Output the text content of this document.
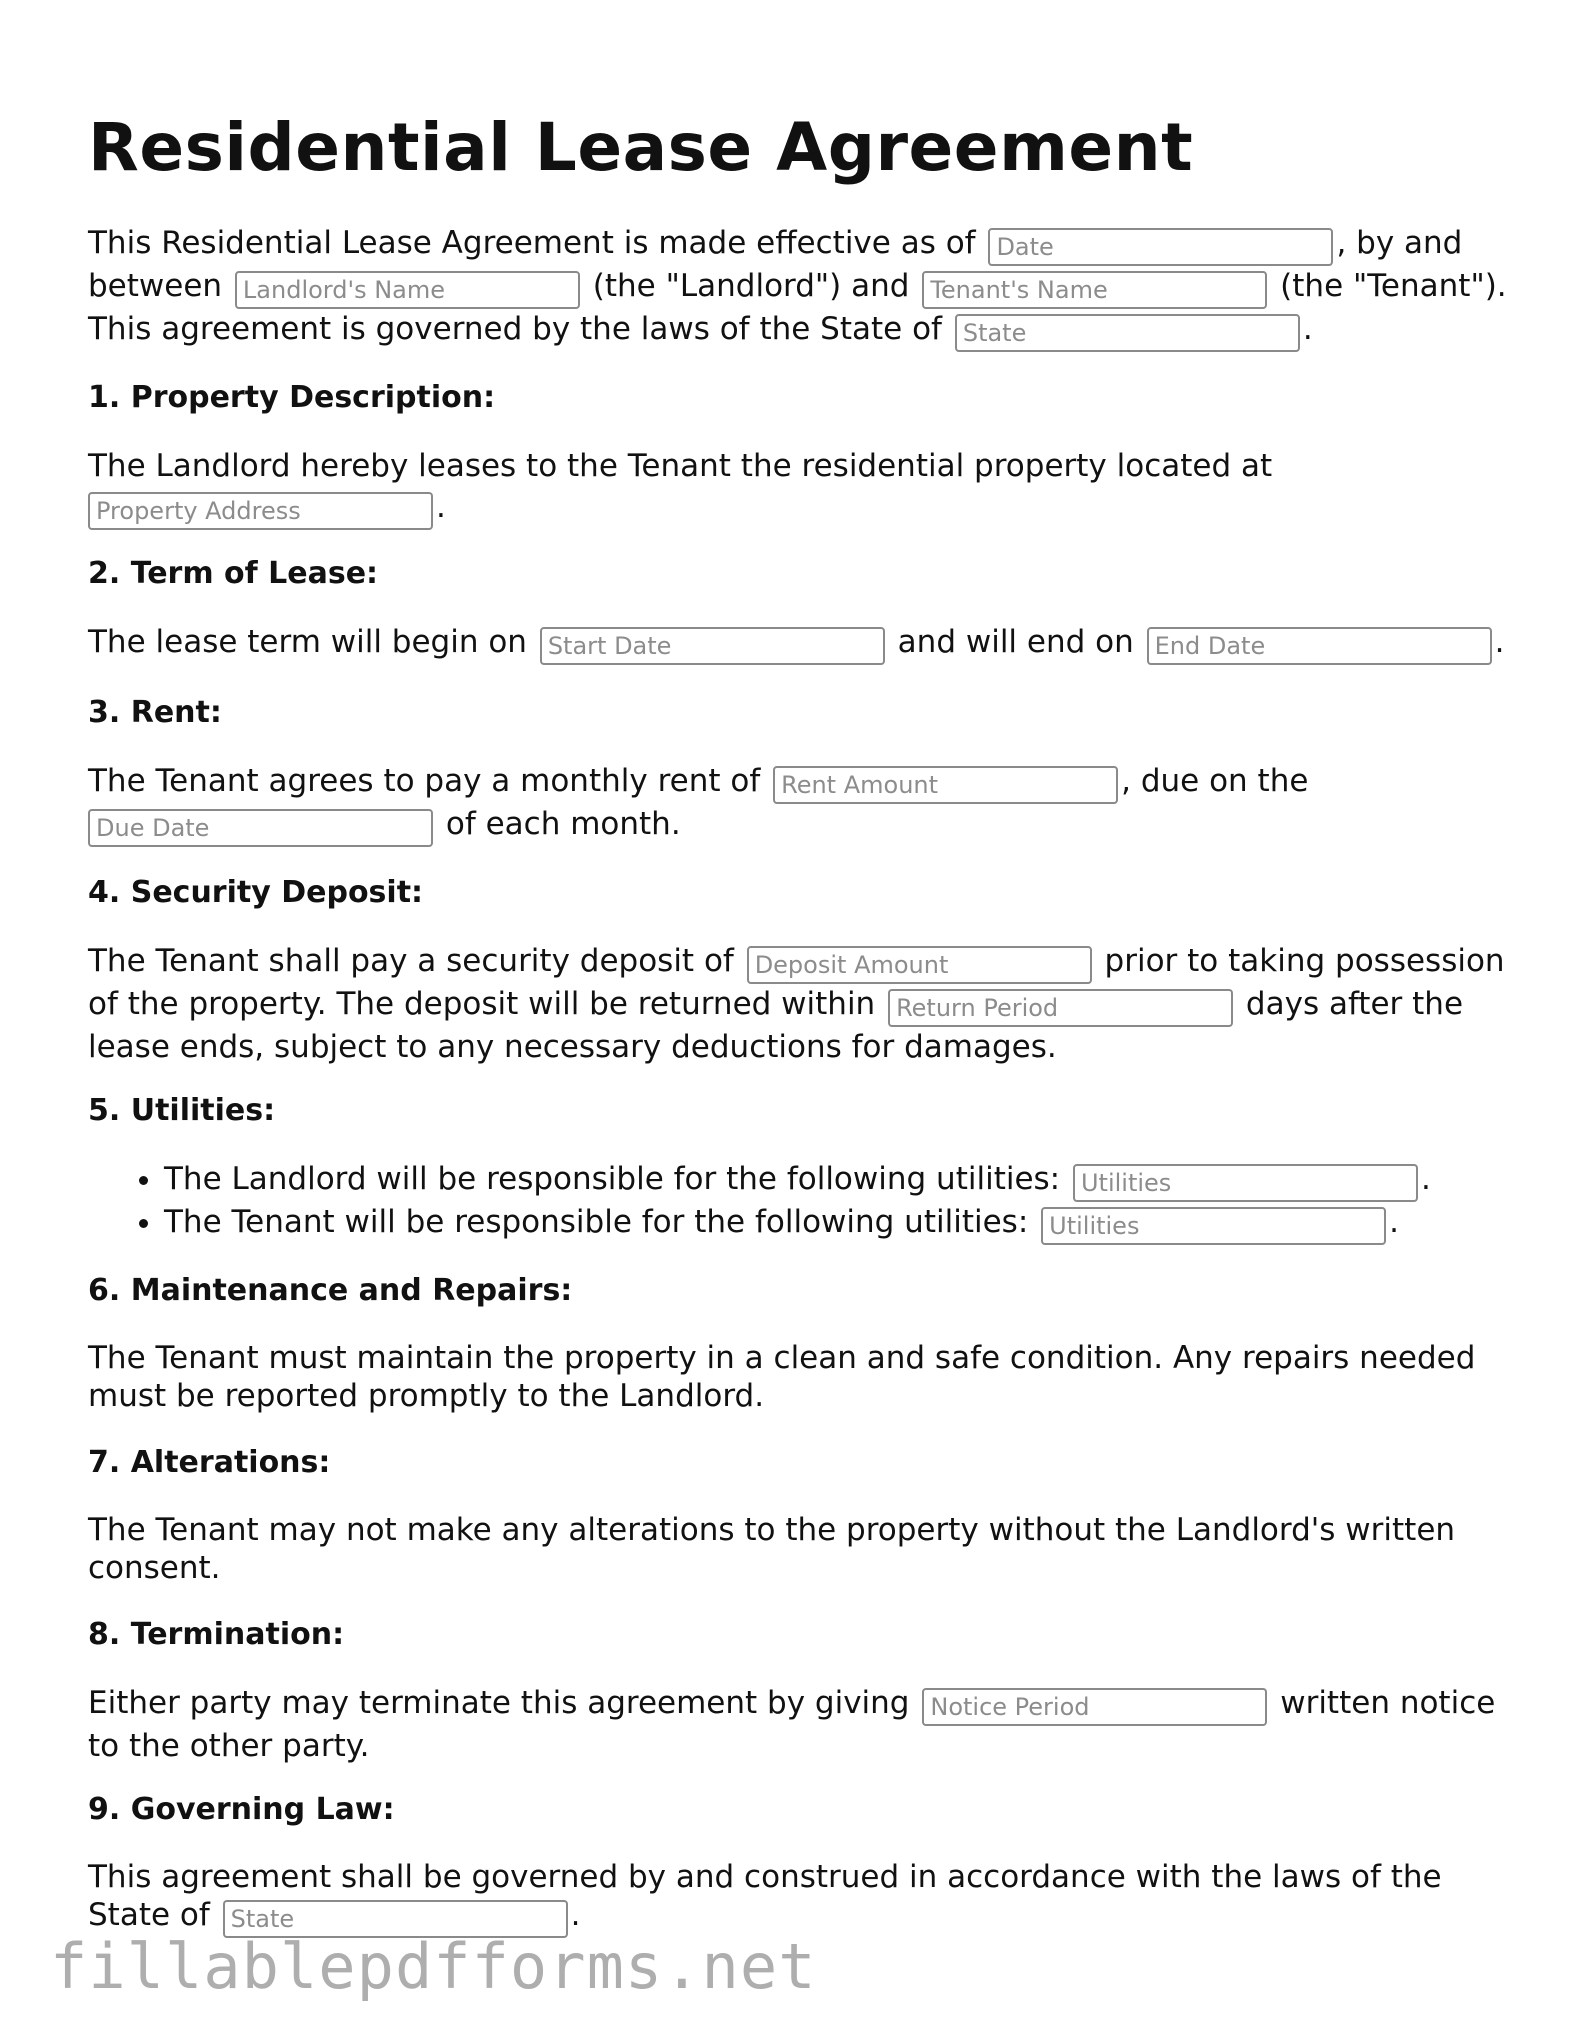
Residential Lease Agreement

This Residential Lease Agreement is made effective as of Date	, by and between Landlord's Name	(the "Landlord") and Tenant's Name	(the "Tenant"). This agreement is governed by the laws of the State of State	.

1. Property Description:

The Landlord hereby leases to the Tenant the residential property located at Property Address.

2. Term of Lease:

The lease term will begin on Start Date	and will end on End Date	.

3. Rent:

The Tenant agrees to pay a monthly rent of Rent Amount	, due on the Due Date of each month.

4. Security Deposit:

The Tenant shall pay a security deposit of Deposit Amount	prior to taking possession of the property. The deposit will be returned within Return Period	days after the lease ends, subject to any necessary deductions for damages.

5. Utilities:
• The Landlord will be responsible for the following utilities: Utilities	.
• The Tenant will be responsible for the following utilities: Utilities	.
6. Maintenance and Repairs:

The Tenant must maintain the property in a clean and safe condition. Any repairs needed must be reported promptly to the Landlord.

7. Alterations:

The Tenant may not make any alterations to the property without the Landlord's written consent.

8. Termination:

Either party may terminate this agreement by giving Notice Period	written notice to the other party.

9. Governing Law:

This agreement shall be governed by and construed in accordance with the laws of the State of State	.

fillablepdfforms.net
